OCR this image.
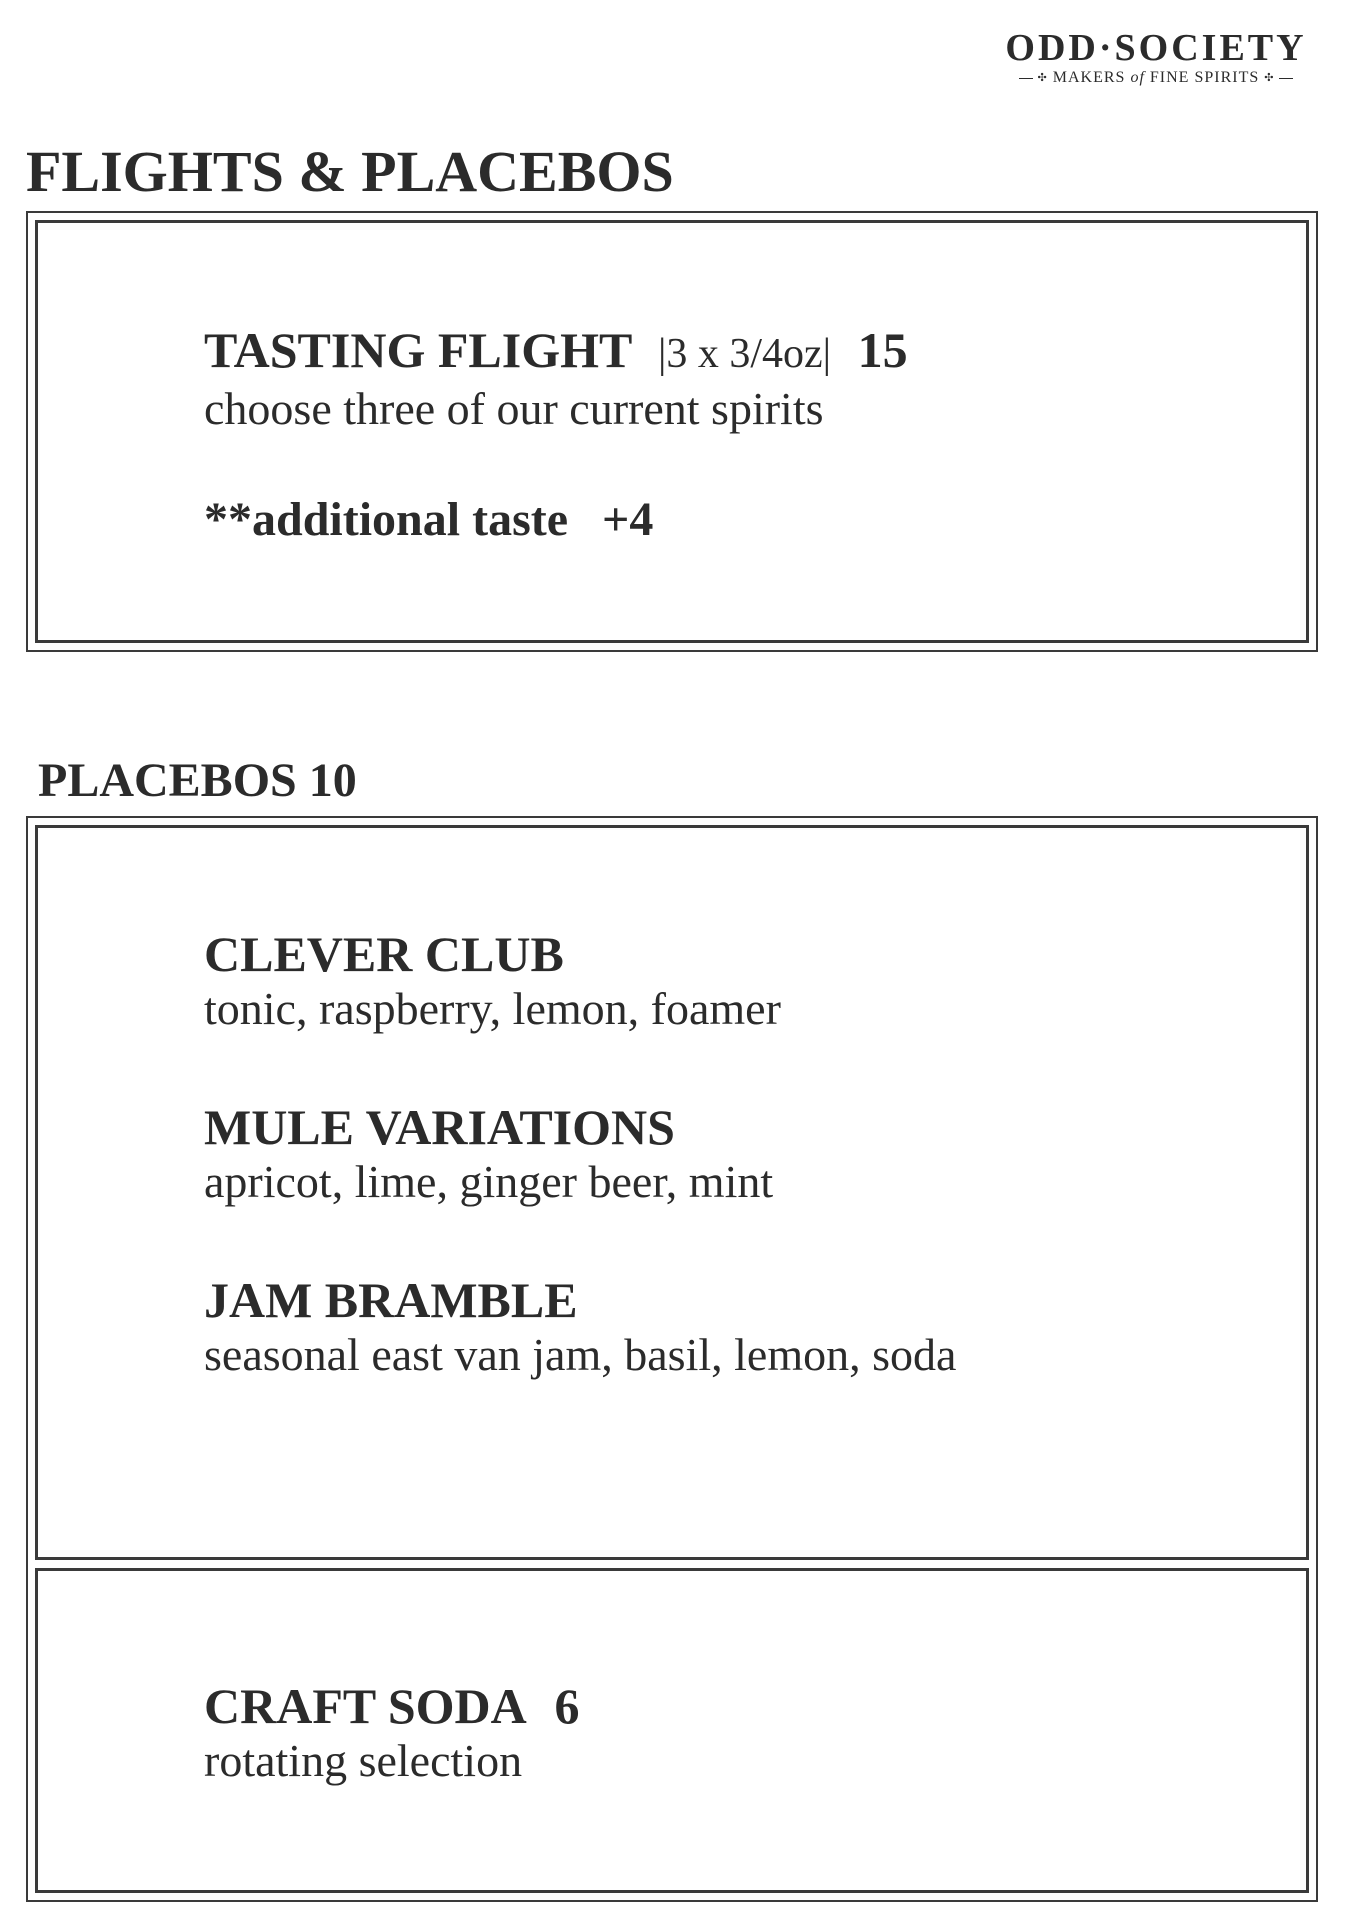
ODD·SOCIETY
✣ MAKERS of FINE SPIRITS ✣
FLIGHTS & PLACEBOS
TASTING FLIGHT |3 x 3/4oz| 15
choose three of our current spirits
**additional taste +4
PLACEBOS 10
CLEVER CLUB
tonic, raspberry, lemon, foamer
MULE VARIATIONS
apricot, lime, ginger beer, mint
JAM BRAMBLE
seasonal east van jam, basil, lemon, soda
CRAFT SODA 6
rotating selection
